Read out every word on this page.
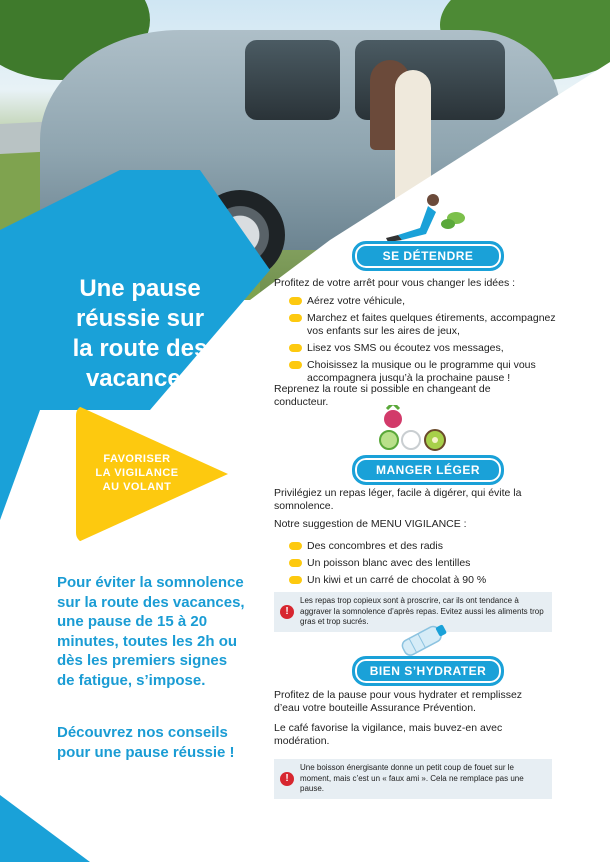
Une pause
réussie sur
la route des
vacances
FAVORISER
LA VIGILANCE
AU VOLANT

Pour éviter la somnolence sur la route des vacances, une pause de 15 à 20 minutes, toutes les 2h ou dès les premiers signes de fatigue, s’impose.

Découvrez nos conseils pour une pause réussie !

SE DÉTENDRE

Profitez de votre arrêt pour vous changer les idées :

Aérez votre véhicule,
Marchez et faites quelques étirements, accompagnez vos enfants sur les aires de jeux,
Lisez vos SMS ou écoutez vos messages,
Choisissez la musique ou le programme qui vous accompagnera jusqu’à la prochaine pause !

Reprenez la route si possible en changeant de conducteur.

MANGER LÉGER

Privilégiez un repas léger, facile à digérer, qui évite la somnolence.

Notre suggestion de MENU VIGILANCE :

Des concombres et des radis
Un poisson blanc avec des lentilles
Un kiwi et un carré de chocolat à 90 %
!
Les repas trop copieux sont à proscrire, car ils ont tendance à aggraver la somnolence d’après repas. Evitez aussi les aliments trop gras et trop sucrés.
BIEN S’HYDRATER

Profitez de la pause pour vous hydrater et remplissez d’eau votre bouteille Assurance Prévention.

Le café favorise la vigilance, mais buvez-en avec modération.

!
Une boisson énergisante donne un petit coup de fouet sur le moment, mais c’est un « faux ami ». Cela ne remplace pas une pause.
